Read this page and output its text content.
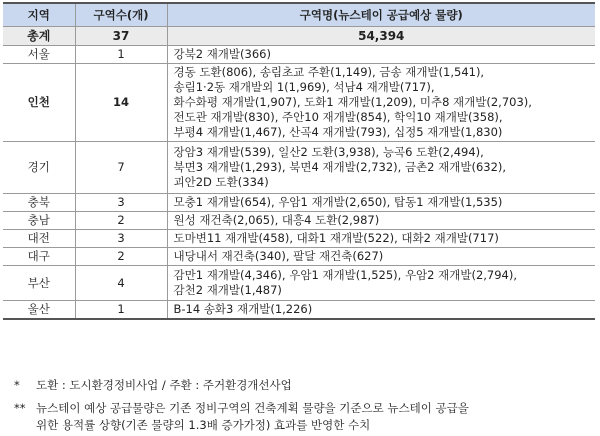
지역	구역수(개)	구역명(뉴스테이 공급예상 물량)
총계	37	54,394
서울	1	강북2 재개발(366)

인천	14	경동 도환(806), 송림초교 주환(1,149), 금송 재개발(1,541),
송림1·2동 재개발외 1(1,969), 석남4 재개발(717),
화수화평 재개발(1,907), 도화1 재개발(1,209), 미추8 재개발(2,703),
전도관 재개발(830), 주안10 재개발(854), 학익10 재개발(358),
부평4 재개발(1,467), 산곡4 재개발(793), 십정5 재개발(1,830)

경기	7	장암3 재개발(539), 일산2 도환(3,938), 능곡6 도환(2,494),
북면3 재개발(1,293), 북면4 재개발(2,732), 금촌2 재개발(632),
괴안2D 도환(334)

충북	3	모충1 재개발(654), 우암1 재개발(2,650), 탑동1 재개발(1,535)

충남	2	원성 재건축(2,065), 대흥4 도환(2,987)

대전	3	도마변11 재개발(458), 대화1 재개발(522), 대화2 재개발(717)

대구	2	내당내서 재건축(340), 팔달 재건축(627)

부산	4	감만1 재개발(4,346), 우암1 재개발(1,525), 우암2 재개발(2,794),
감천2 재개발(1,487)

울산	1	B-14 송화3 재개발(1,226)
* 도환 : 도시환경정비사업 / 주환 : 주거환경개선사업
** 뉴스테이 예상 공급물량은 기존 정비구역의 건축계획 물량을 기준으로 뉴스테이 공급을
위한 용적률 상향(기존 물량의 1.3배 증가가정) 효과를 반영한 수치
